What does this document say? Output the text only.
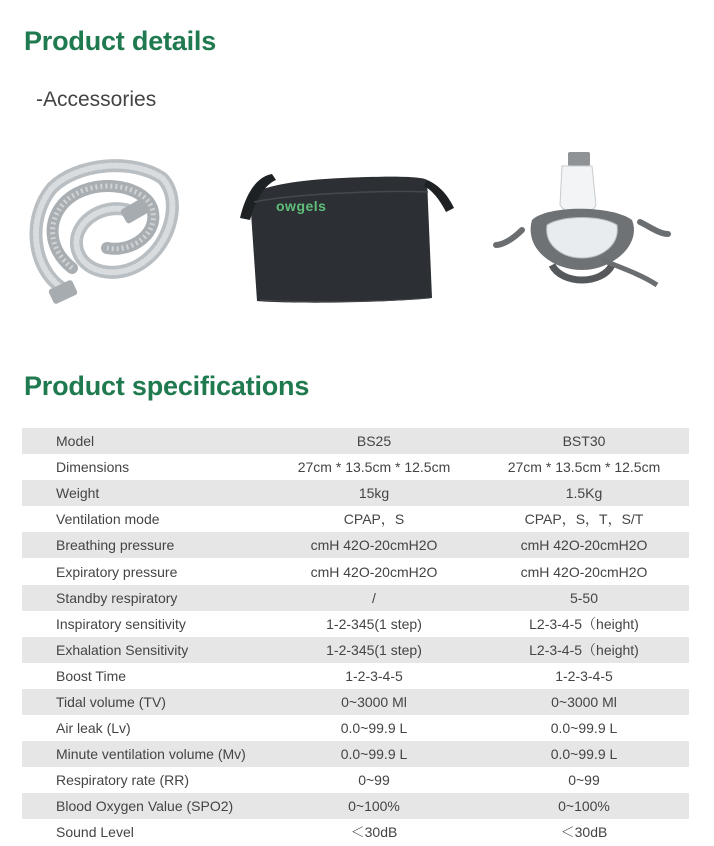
Product details
-Accessories
owgels
Product specifications
Model	BS25	BST30
Dimensions	27cm * 13.5cm * 12.5cm	27cm * 13.5cm * 12.5cm
Weight	15kg	1.5Kg
Ventilation mode	CPAP，S	CPAP，S，T，S/T
Breathing pressure	cmH 42O-20cmH2O	cmH 42O-20cmH2O
Expiratory pressure	cmH 42O-20cmH2O	cmH 42O-20cmH2O
Standby respiratory	/	5-50
Inspiratory sensitivity	1-2-345(1 step)	L2-3-4-5（height)
Exhalation Sensitivity	1-2-345(1 step)	L2-3-4-5（height)
Boost Time	1-2-3-4-5	1-2-3-4-5
Tidal volume (TV)	0~3000 Ml	0~3000 Ml
Air leak (Lv)	0.0~99.9 L	0.0~99.9 L
Minute ventilation volume (Mv)	0.0~99.9 L	0.0~99.9 L
Respiratory rate (RR)	0~99	0~99
Blood Oxygen Value (SPO2)	0~100%	0~100%
Sound Level	＜30dB	＜30dB
